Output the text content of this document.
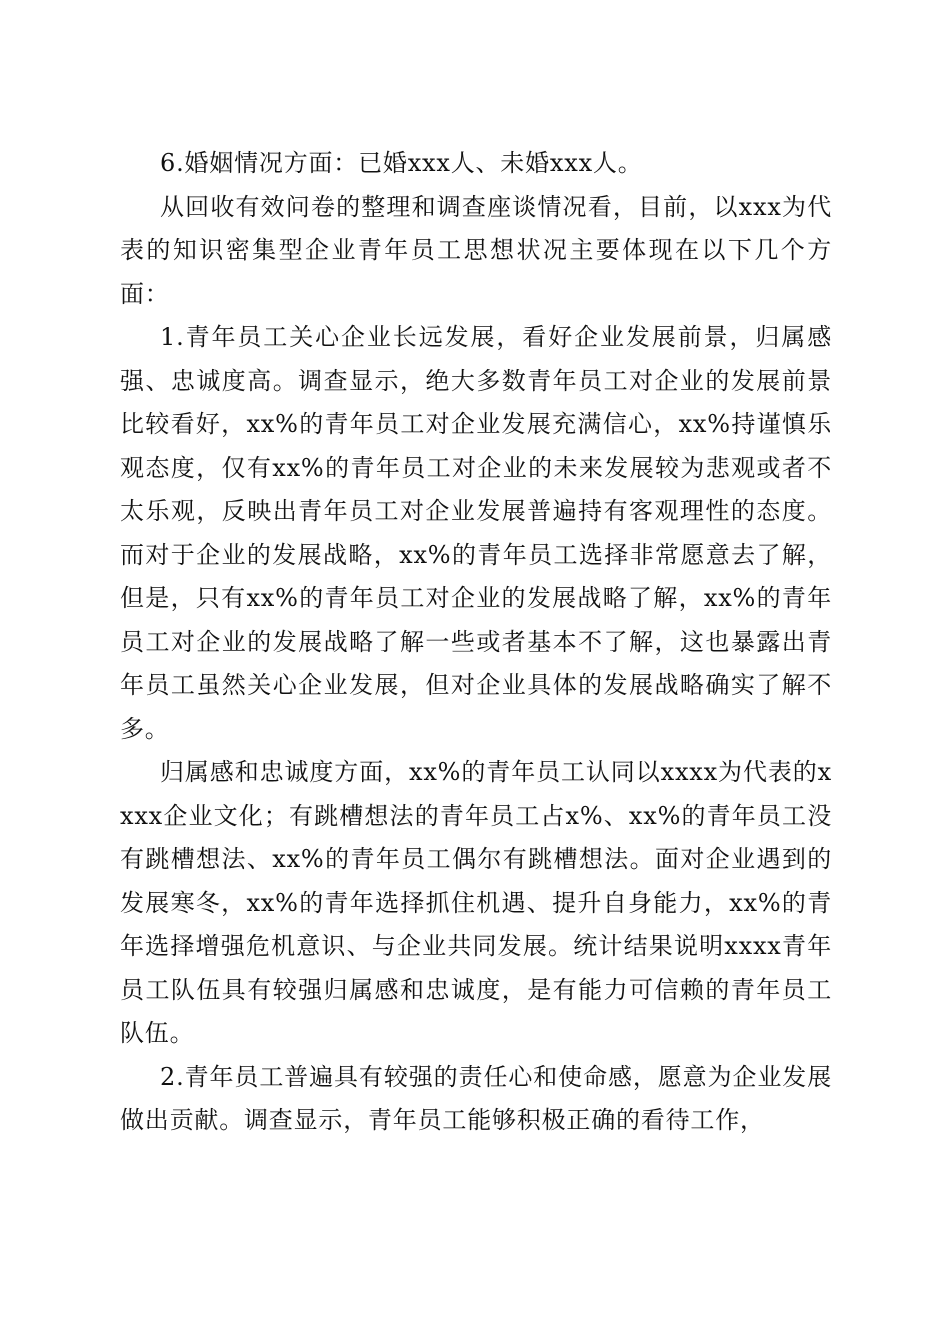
6.婚姻情况方面：已婚xxx人、未婚xxx人。

从回收有效问卷的整理和调查座谈情况看，目前，以xxx为代表的知识密集型企业青年员工思想状况主要体现在以下几个方面：

1.青年员工关心企业长远发展，看好企业发展前景，归属感强、忠诚度高。调查显示，绝大多数青年员工对企业的发展前景比较看好，xx%的青年员工对企业发展充满信心，xx%持谨慎乐观态度，仅有xx%的青年员工对企业的未来发展较为悲观或者不太乐观，反映出青年员工对企业发展普遍持有客观理性的态度。而对于企业的发展战略，xx%的青年员工选择非常愿意去了解，但是，只有xx%的青年员工对企业的发展战略了解，xx%的青年员工对企业的发展战略了解一些或者基本不了解，这也暴露出青年员工虽然关心企业发展，但对企业具体的发展战略确实了解不多。

归属感和忠诚度方面，xx%的青年员工认同以xxxx为代表的xxxx企业文化；有跳槽想法的青年员工占x%、xx%的青年员工没有跳槽想法、xx%的青年员工偶尔有跳槽想法。面对企业遇到的发展寒冬，xx%的青年选择抓住机遇、提升自身能力，xx%的青年选择增强危机意识、与企业共同发展。统计结果说明xxxx青年员工队伍具有较强归属感和忠诚度，是有能力可信赖的青年员工队伍。

2.青年员工普遍具有较强的责任心和使命感，愿意为企业发展做出贡献。调查显示，青年员工能够积极正确的看待工作，
